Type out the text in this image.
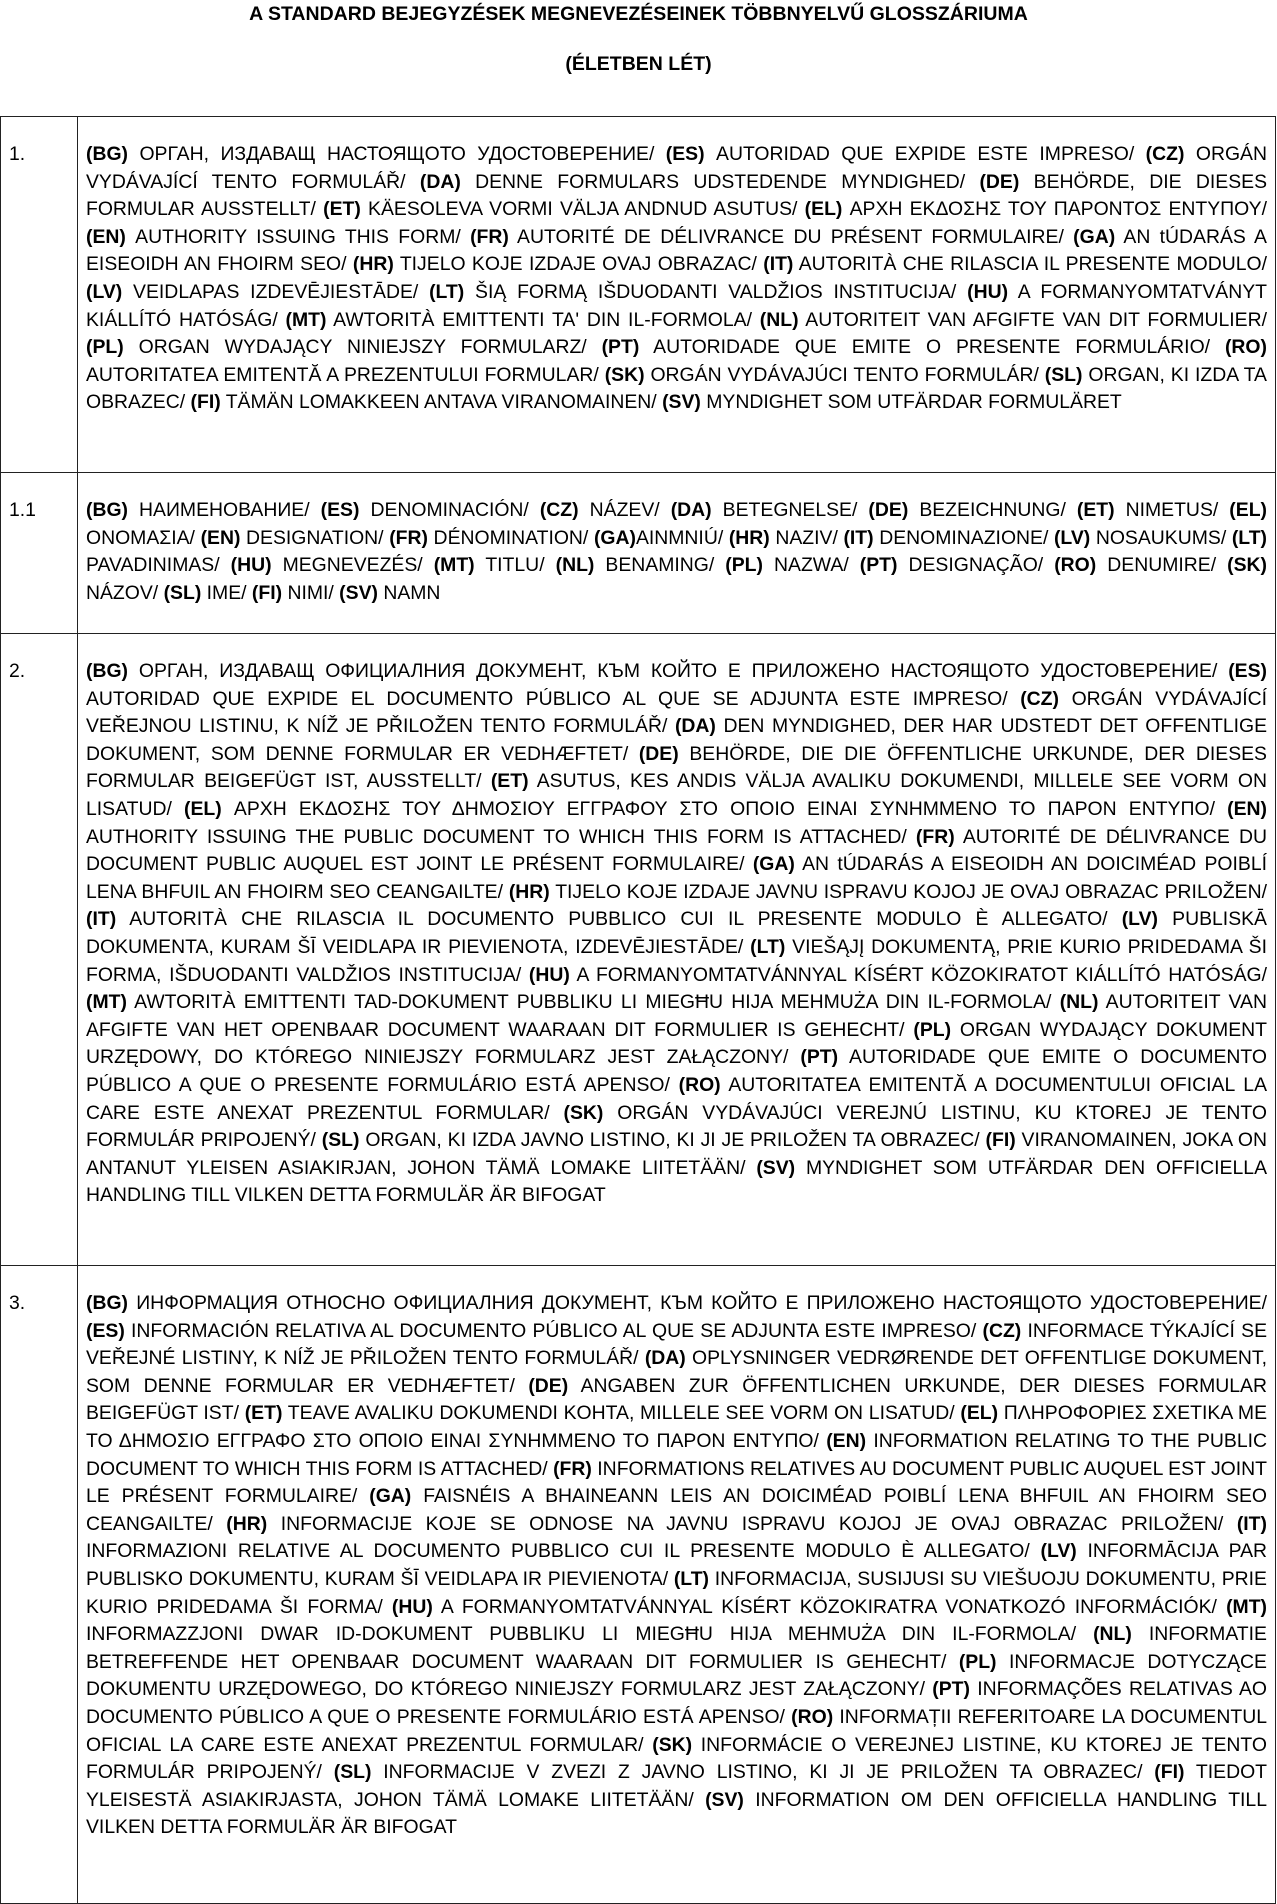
A STANDARD BEJEGYZÉSEK MEGNEVEZÉSEINEK TÖBBNYELVŰ GLOSSZÁRIUMA
(ÉLETBEN LÉT)
1.	(BG) ОРГАН, ИЗДАВАЩ НАСТОЯЩОТО УДОСТОВЕРЕНИЕ/ (ES) AUTORIDAD QUE EXPIDE ESTE IMPRESO/ (CZ) ORGÁN VYDÁVAJÍCÍ TENTO FORMULÁŘ/ (DA) DENNE FORMULARS UDSTEDENDE MYNDIGHED/ (DE) BEHÖRDE, DIE DIESES FORMULAR AUSSTELLT/ (ET) KÄESOLEVA VORMI VÄLJA ANDNUD ASUTUS/ (EL) ΑΡΧΗ ΕΚΔΟΣΗΣ ΤΟΥ ΠΑΡΟΝΤΟΣ ΕΝΤΥΠΟΥ/ (EN) AUTHORITY ISSUING THIS FORM/ (FR) AUTORITÉ DE DÉLIVRANCE DU PRÉSENT FORMULAIRE/ (GA) AN tÚDARÁS A EISEOIDH AN FHOIRM SEO/ (HR) TIJELO KOJE IZDAJE OVAJ OBRAZAC/ (IT) AUTORITÀ CHE RILASCIA IL PRESENTE MODULO/ (LV) VEIDLAPAS IZDEVĒJIESTĀDE/ (LT) ŠIĄ FORMĄ IŠDUODANTI VALDŽIOS INSTITUCIJA/ (HU) A FORMANYOMTATVÁNYT KIÁLLÍTÓ HATÓSÁG/ (MT) AWTORITÀ EMITTENTI TA' DIN IL-FORMOLA/ (NL) AUTORITEIT VAN AFGIFTE VAN DIT FORMULIER/ (PL) ORGAN WYDAJĄCY NINIEJSZY FORMULARZ/ (PT) AUTORIDADE QUE EMITE O PRESENTE FORMULÁRIO/ (RO) AUTORITATEA EMITENTĂ A PREZENTULUI FORMULAR/ (SK) ORGÁN VYDÁVAJÚCI TENTO FORMULÁR/ (SL) ORGAN, KI IZDA TA OBRAZEC/ (FI) TÄMÄN LOMAKKEEN ANTAVA VIRANOMAINEN/ (SV) MYNDIGHET SOM UTFÄRDAR FORMULÄRET
1.1	(BG) НАИМЕНОВАНИЕ/ (ES) DENOMINACIÓN/ (CZ) NÁZEV/ (DA) BETEGNELSE/ (DE) BEZEICHNUNG/ (ET) NIMETUS/ (EL) ΟΝΟΜΑΣΙΑ/ (EN) DESIGNATION/ (FR) DÉNOMINATION/ (GA)AINMNIÚ/ (HR) NAZIV/ (IT) DENOMINAZIONE/ (LV) NOSAUKUMS/ (LT) PAVADINIMAS/ (HU) MEGNEVEZÉS/ (MT) TITLU/ (NL) BENAMING/ (PL) NAZWA/ (PT) DESIGNAÇÃO/ (RO) DENUMIRE/ (SK) NÁZOV/ (SL) IME/ (FI) NIMI/ (SV) NAMN
2.	(BG) ОРГАН, ИЗДАВАЩ ОФИЦИАЛНИЯ ДОКУМЕНТ, КЪМ КОЙТО Е ПРИЛОЖЕНО НАСТОЯЩОТО УДОСТОВЕРЕНИЕ/ (ES) AUTORIDAD QUE EXPIDE EL DOCUMENTO PÚBLICO AL QUE SE ADJUNTA ESTE IMPRESO/ (CZ) ORGÁN VYDÁVAJÍCÍ VEŘEJNOU LISTINU, K NÍŽ JE PŘILOŽEN TENTO FORMULÁŘ/ (DA) DEN MYNDIGHED, DER HAR UDSTEDT DET OFFENTLIGE DOKUMENT, SOM DENNE FORMULAR ER VEDHÆFTET/ (DE) BEHÖRDE, DIE DIE ÖFFENTLICHE URKUNDE, DER DIESES FORMULAR BEIGEFÜGT IST, AUSSTELLT/ (ET) ASUTUS, KES ANDIS VÄLJA AVALIKU DOKUMENDI, MILLELE SEE VORM ON LISATUD/ (EL) ΑΡΧΗ ΕΚΔΟΣΗΣ ΤΟΥ ΔΗΜΟΣΙΟΥ ΕΓΓΡΑΦΟΥ ΣΤΟ ΟΠΟΙΟ ΕΙΝΑΙ ΣΥΝΗΜΜΕΝΟ ΤΟ ΠΑΡΟΝ ΕΝΤΥΠΟ/ (EN) AUTHORITY ISSUING THE PUBLIC DOCUMENT TO WHICH THIS FORM IS ATTACHED/ (FR) AUTORITÉ DE DÉLIVRANCE DU DOCUMENT PUBLIC AUQUEL EST JOINT LE PRÉSENT FORMULAIRE/ (GA) AN tÚDARÁS A EISEOIDH AN DOICIMÉAD POIBLÍ LENA BHFUIL AN FHOIRM SEO CEANGAILTE/ (HR) TIJELO KOJE IZDAJE JAVNU ISPRAVU KOJOJ JE OVAJ OBRAZAC PRILOŽEN/ (IT) AUTORITÀ CHE RILASCIA IL DOCUMENTO PUBBLICO CUI IL PRESENTE MODULO È ALLEGATO/ (LV) PUBLISKĀ DOKUMENTA, KURAM ŠĪ VEIDLAPA IR PIEVIENOTA, IZDEVĒJIESTĀDE/ (LT) VIEŠĄJĮ DOKUMENTĄ, PRIE KURIO PRIDEDAMA ŠI FORMA, IŠDUODANTI VALDŽIOS INSTITUCIJA/ (HU) A FORMANYOMTATVÁNNYAL KÍSÉRT KÖZOKIRATOT KIÁLLÍTÓ HATÓSÁG/ (MT) AWTORITÀ EMITTENTI TAD-DOKUMENT PUBBLIKU LI MIEGĦU HIJA MEHMUŻA DIN IL-FORMOLA/ (NL) AUTORITEIT VAN AFGIFTE VAN HET OPENBAAR DOCUMENT WAARAAN DIT FORMULIER IS GEHECHT/ (PL) ORGAN WYDAJĄCY DOKUMENT URZĘDOWY, DO KTÓREGO NINIEJSZY FORMULARZ JEST ZAŁĄCZONY/ (PT) AUTORIDADE QUE EMITE O DOCUMENTO PÚBLICO A QUE O PRESENTE FORMULÁRIO ESTÁ APENSO/ (RO) AUTORITATEA EMITENTĂ A DOCUMENTULUI OFICIAL LA CARE ESTE ANEXAT PREZENTUL FORMULAR/ (SK) ORGÁN VYDÁVAJÚCI VEREJNÚ LISTINU, KU KTOREJ JE TENTO FORMULÁR PRIPOJENÝ/ (SL) ORGAN, KI IZDA JAVNO LISTINO, KI JI JE PRILOŽEN TA OBRAZEC/ (FI) VIRANOMAINEN, JOKA ON ANTANUT YLEISEN ASIAKIRJAN, JOHON TÄMÄ LOMAKE LIITETÄÄN/ (SV) MYNDIGHET SOM UTFÄRDAR DEN OFFICIELLA HANDLING TILL VILKEN DETTA FORMULÄR ÄR BIFOGAT
3.	(BG) ИНФОРМАЦИЯ ОТНОСНО ОФИЦИАЛНИЯ ДОКУМЕНТ, КЪМ КОЙТО Е ПРИЛОЖЕНО НАСТОЯЩОТО УДОСТОВЕРЕНИЕ/ (ES) INFORMACIÓN RELATIVA AL DOCUMENTO PÚBLICO AL QUE SE ADJUNTA ESTE IMPRESO/ (CZ) INFORMACE TÝKAJÍCÍ SE VEŘEJNÉ LISTINY, K NÍŽ JE PŘILOŽEN TENTO FORMULÁŘ/ (DA) OPLYSNINGER VEDRØRENDE DET OFFENTLIGE DOKUMENT, SOM DENNE FORMULAR ER VEDHÆFTET/ (DE) ANGABEN ZUR ÖFFENTLICHEN URKUNDE, DER DIESES FORMULAR BEIGEFÜGT IST/ (ET) TEAVE AVALIKU DOKUMENDI KOHTA, MILLELE SEE VORM ON LISATUD/ (EL) ΠΛΗΡΟΦΟΡΙΕΣ ΣΧΕΤΙΚΑ ΜΕ ΤΟ ΔΗΜΟΣΙΟ ΕΓΓΡΑΦΟ ΣΤΟ ΟΠΟΙΟ ΕΙΝΑΙ ΣΥΝΗΜΜΕΝΟ ΤΟ ΠΑΡΟΝ ΕΝΤΥΠΟ/ (EN) INFORMATION RELATING TO THE PUBLIC DOCUMENT TO WHICH THIS FORM IS ATTACHED/ (FR) INFORMATIONS RELATIVES AU DOCUMENT PUBLIC AUQUEL EST JOINT LE PRÉSENT FORMULAIRE/ (GA) FAISNÉIS A BHAINEANN LEIS AN DOICIMÉAD POIBLÍ LENA BHFUIL AN FHOIRM SEO CEANGAILTE/ (HR) INFORMACIJE KOJE SE ODNOSE NA JAVNU ISPRAVU KOJOJ JE OVAJ OBRAZAC PRILOŽEN/ (IT) INFORMAZIONI RELATIVE AL DOCUMENTO PUBBLICO CUI IL PRESENTE MODULO È ALLEGATO/ (LV) INFORMĀCIJA PAR PUBLISKO DOKUMENTU, KURAM ŠĪ VEIDLAPA IR PIEVIENOTA/ (LT) INFORMACIJA, SUSIJUSI SU VIEŠUOJU DOKUMENTU, PRIE KURIO PRIDEDAMA ŠI FORMA/ (HU) A FORMANYOMTATVÁNNYAL KÍSÉRT KÖZOKIRATRA VONATKOZÓ INFORMÁCIÓK/ (MT) INFORMAZZJONI DWAR ID-DOKUMENT PUBBLIKU LI MIEGĦU HIJA MEHMUŻA DIN IL-FORMOLA/ (NL) INFORMATIE BETREFFENDE HET OPENBAAR DOCUMENT WAARAAN DIT FORMULIER IS GEHECHT/ (PL) INFORMACJE DOTYCZĄCE DOKUMENTU URZĘDOWEGO, DO KTÓREGO NINIEJSZY FORMULARZ JEST ZAŁĄCZONY/ (PT) INFORMAÇÕES RELATIVAS AO DOCUMENTO PÚBLICO A QUE O PRESENTE FORMULÁRIO ESTÁ APENSO/ (RO) INFORMAȚII REFERITOARE LA DOCUMENTUL OFICIAL LA CARE ESTE ANEXAT PREZENTUL FORMULAR/ (SK) INFORMÁCIE O VEREJNEJ LISTINE, KU KTOREJ JE TENTO FORMULÁR PRIPOJENÝ/ (SL) INFORMACIJE V ZVEZI Z JAVNO LISTINO, KI JI JE PRILOŽEN TA OBRAZEC/ (FI) TIEDOT YLEISESTÄ ASIAKIRJASTA, JOHON TÄMÄ LOMAKE LIITETÄÄN/ (SV) INFORMATION OM DEN OFFICIELLA HANDLING TILL VILKEN DETTA FORMULÄR ÄR BIFOGAT
